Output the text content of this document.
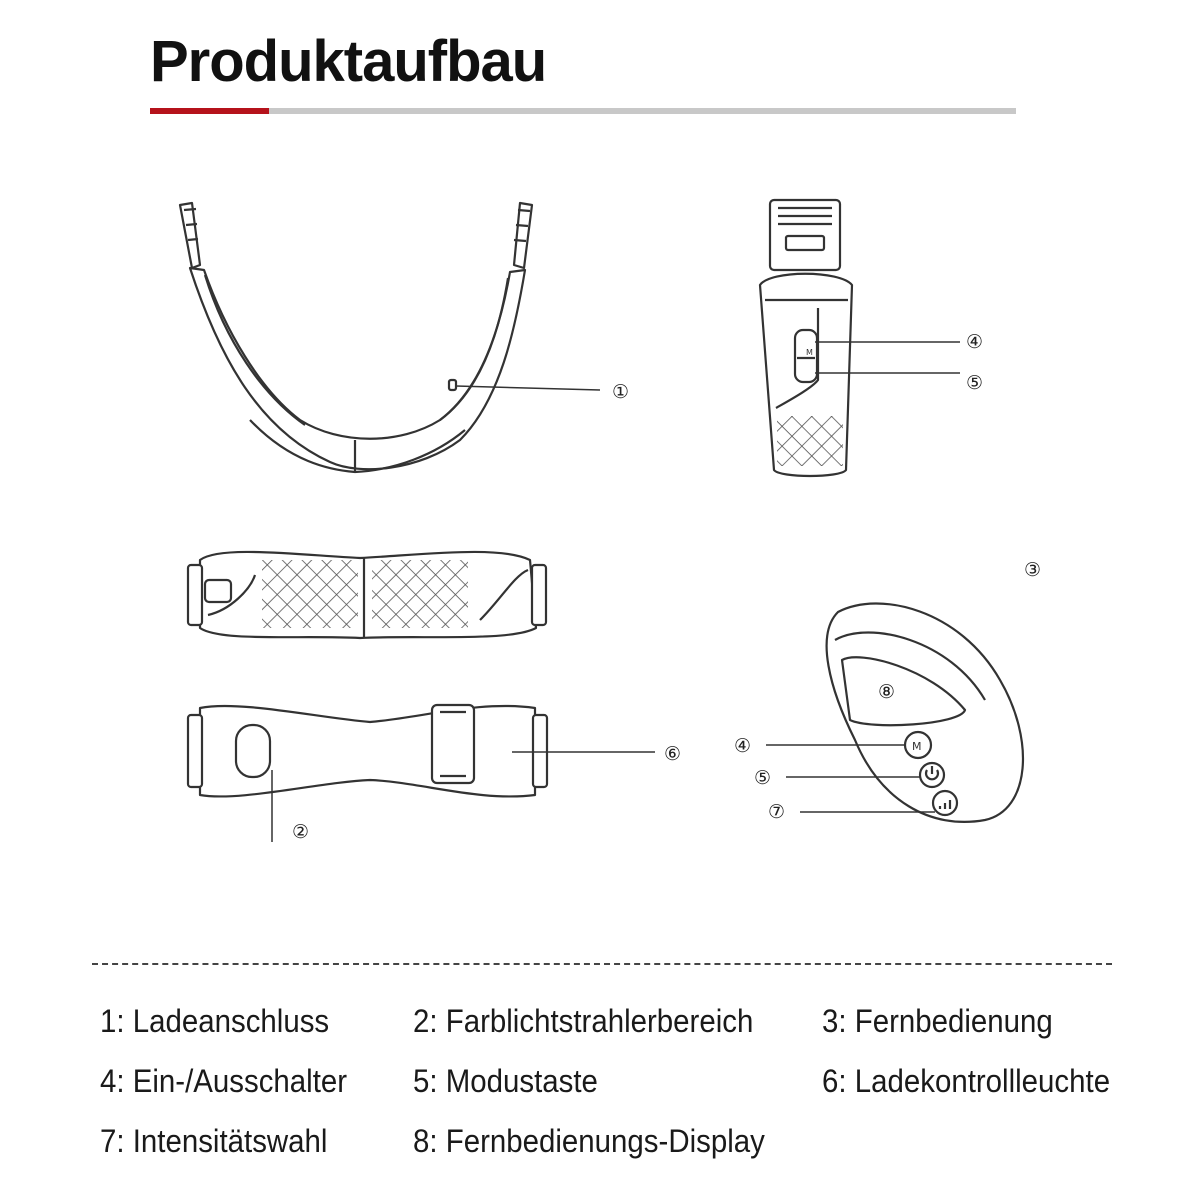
Produktaufbau
①
M	④
⑤
⑥
②
③
M
⑧
④
⑤
⑦
1: Ladeanschluss	2: Farblichtstrahlerbereich 3: Fernbedienung
4: Ein-/Ausschalter 5: Modustaste	6: Ladekontrollleuchte
7: Intensitätswahl	8: Fernbedienungs-Display
